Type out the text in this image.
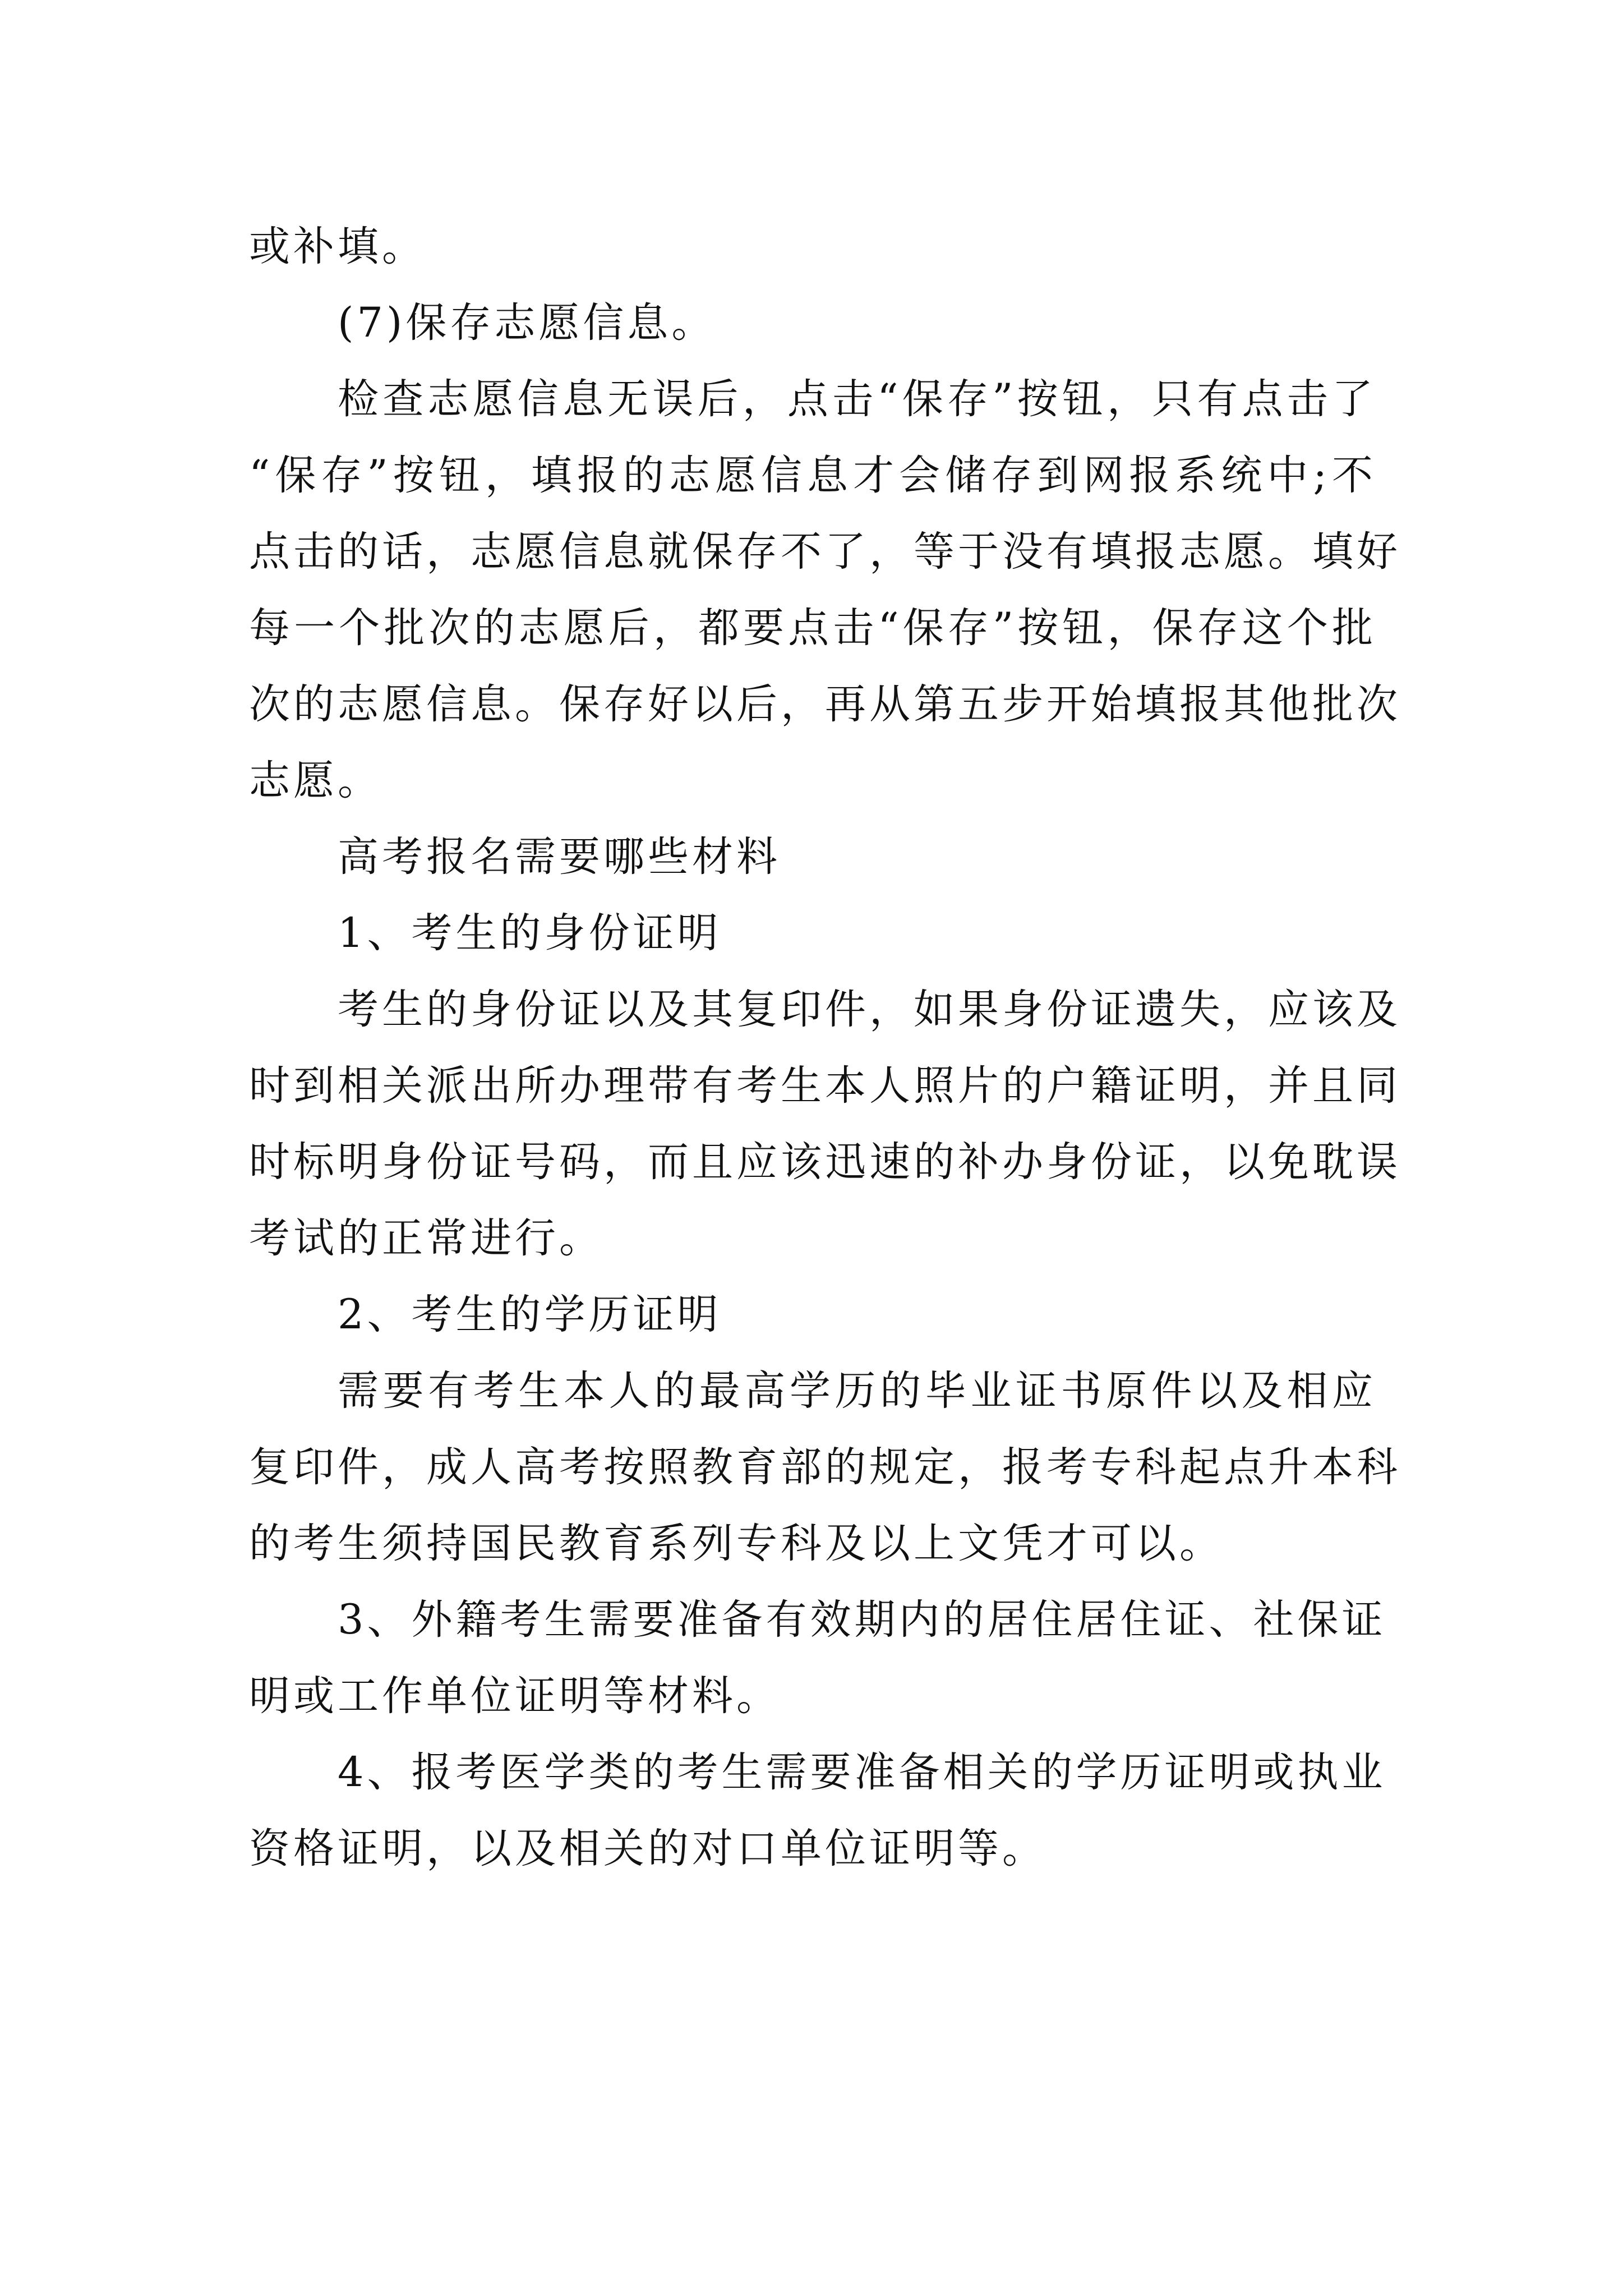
或补填。
(7)保存志愿信息。
检查志愿信息无误后，点击“保存”按钮，只有点击了
“保存”按钮，填报的志愿信息才会储存到网报系统中;不
点击的话，志愿信息就保存不了，等于没有填报志愿。填好
每一个批次的志愿后，都要点击“保存”按钮，保存这个批
次的志愿信息。保存好以后，再从第五步开始填报其他批次
志愿。
高考报名需要哪些材料
1、考生的身份证明
考生的身份证以及其复印件，如果身份证遗失，应该及
时到相关派出所办理带有考生本人照片的户籍证明，并且同
时标明身份证号码，而且应该迅速的补办身份证，以免耽误
考试的正常进行。
2、考生的学历证明
需要有考生本人的最高学历的毕业证书原件以及相应
复印件，成人高考按照教育部的规定，报考专科起点升本科
的考生须持国民教育系列专科及以上文凭才可以。
3、外籍考生需要准备有效期内的居住居住证、社保证
明或工作单位证明等材料。
4、报考医学类的考生需要准备相关的学历证明或执业
资格证明，以及相关的对口单位证明等。
